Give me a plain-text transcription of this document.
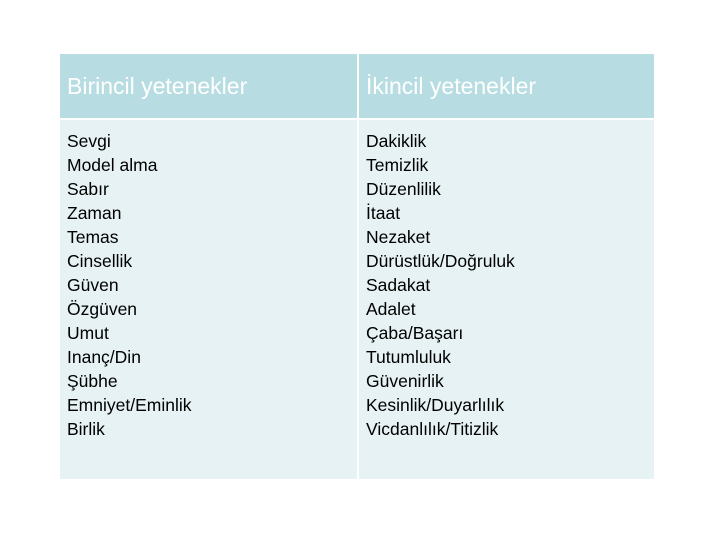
Birincil yetenekler	İkincil yetenekler
Sevgi
Model alma
Sabır
Zaman
Temas
Cinsellik
Güven
Özgüven
Umut
Inanç/Din
Şübhe
Emniyet/Eminlik
Birlik
Dakiklik
Temizlik
Düzenlilik
İtaat
Nezaket
Dürüstlük/Doğruluk
Sadakat
Adalet
Çaba/Başarı
Tutumluluk
Güvenirlik
Kesinlik/Duyarlılık
Vicdanlılık/Titizlik
